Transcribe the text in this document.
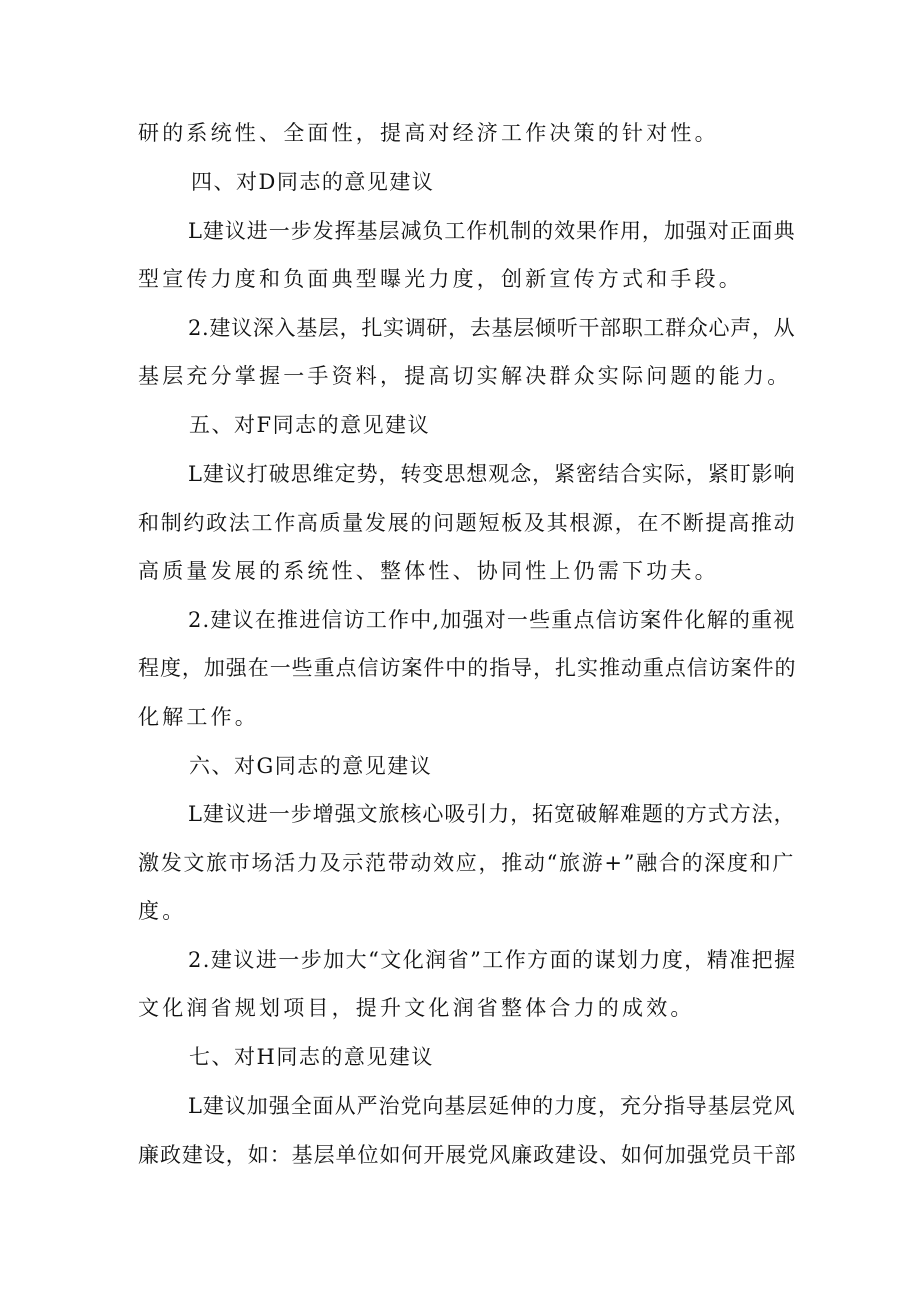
研的系统性、全面性，提高对经济工作决策的针对性。
四、对D同志的意见建议
L建议进一步发挥基层减负工作机制的效果作用，加强对正面典
型宣传力度和负面典型曝光力度，创新宣传方式和手段。
2.建议深入基层，扎实调研，去基层倾听干部职工群众心声，从
基层充分掌握一手资料，提高切实解决群众实际问题的能力。
五、对F同志的意见建议
L建议打破思维定势，转变思想观念，紧密结合实际，紧盯影响
和制约政法工作高质量发展的问题短板及其根源，在不断提高推动
高质量发展的系统性、整体性、协同性上仍需下功夫。
2.建议在推进信访工作中,加强对一些重点信访案件化解的重视
程度，加强在一些重点信访案件中的指导，扎实推动重点信访案件的
化解工作。
六、对G同志的意见建议
L建议进一步增强文旅核心吸引力，拓宽破解难题的方式方法，
激发文旅市场活力及示范带动效应，推动“旅游+”融合的深度和广
度。
2.建议进一步加大“文化润省”工作方面的谋划力度，精准把握
文化润省规划项目，提升文化润省整体合力的成效。
七、对H同志的意见建议
L建议加强全面从严治党向基层延伸的力度，充分指导基层党风
廉政建设，如：基层单位如何开展党风廉政建设、如何加强党员干部
